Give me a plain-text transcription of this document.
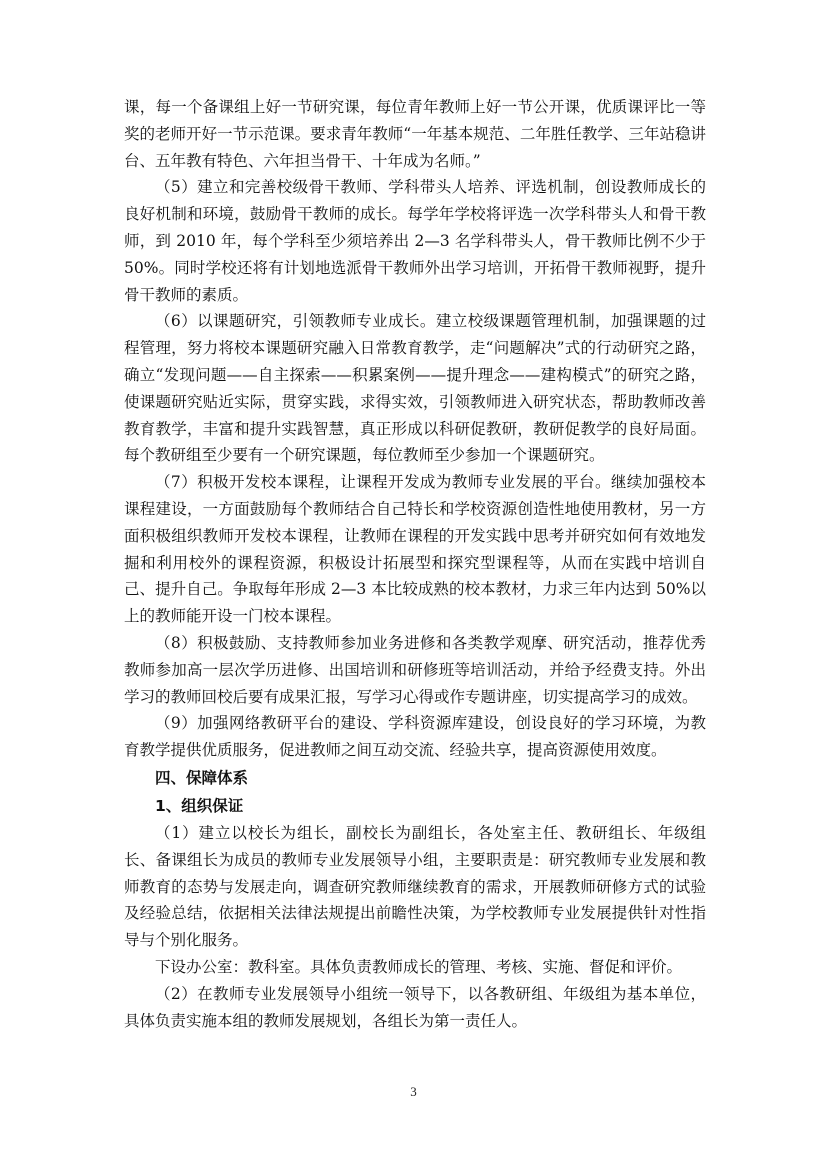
课，每一个备课组上好一节研究课，每位青年教师上好一节公开课，优质课评比一等奖的老师开好一节示范课。要求青年教师“一年基本规范、二年胜任教学、三年站稳讲台、五年教有特色、六年担当骨干、十年成为名师。”

（5）建立和完善校级骨干教师、学科带头人培养、评选机制，创设教师成长的良好机制和环境，鼓励骨干教师的成长。每学年学校将评选一次学科带头人和骨干教师，到 2010 年，每个学科至少须培养出 2—3 名学科带头人，骨干教师比例不少于 50%。同时学校还将有计划地选派骨干教师外出学习培训，开拓骨干教师视野，提升骨干教师的素质。

（6）以课题研究，引领教师专业成长。建立校级课题管理机制，加强课题的过程管理，努力将校本课题研究融入日常教育教学，走“问题解决”式的行动研究之路，确立“发现问题——自主探索——积累案例——提升理念——建构模式”的研究之路，使课题研究贴近实际，贯穿实践，求得实效，引领教师进入研究状态，帮助教师改善教育教学，丰富和提升实践智慧，真正形成以科研促教研，教研促教学的良好局面。每个教研组至少要有一个研究课题，每位教师至少参加一个课题研究。

（7）积极开发校本课程，让课程开发成为教师专业发展的平台。继续加强校本课程建设，一方面鼓励每个教师结合自己特长和学校资源创造性地使用教材，另一方面积极组织教师开发校本课程，让教师在课程的开发实践中思考并研究如何有效地发掘和利用校外的课程资源，积极设计拓展型和探究型课程等，从而在实践中培训自己、提升自己。争取每年形成 2—3 本比较成熟的校本教材，力求三年内达到 50%以上的教师能开设一门校本课程。

（8）积极鼓励、支持教师参加业务进修和各类教学观摩、研究活动，推荐优秀教师参加高一层次学历进修、出国培训和研修班等培训活动，并给予经费支持。外出学习的教师回校后要有成果汇报，写学习心得或作专题讲座，切实提高学习的成效。

（9）加强网络教研平台的建设、学科资源库建设，创设良好的学习环境，为教育教学提供优质服务，促进教师之间互动交流、经验共享，提高资源使用效度。

四、保障体系

1、组织保证

（1）建立以校长为组长，副校长为副组长，各处室主任、教研组长、年级组长、备课组长为成员的教师专业发展领导小组，主要职责是：研究教师专业发展和教师教育的态势与发展走向，调查研究教师继续教育的需求，开展教师研修方式的试验及经验总结，依据相关法律法规提出前瞻性决策，为学校教师专业发展提供针对性指导与个别化服务。

下设办公室：教科室。具体负责教师成长的管理、考核、实施、督促和评价。

（2）在教师专业发展领导小组统一领导下，以各教研组、年级组为基本单位，具体负责实施本组的教师发展规划，各组长为第一责任人。

3
